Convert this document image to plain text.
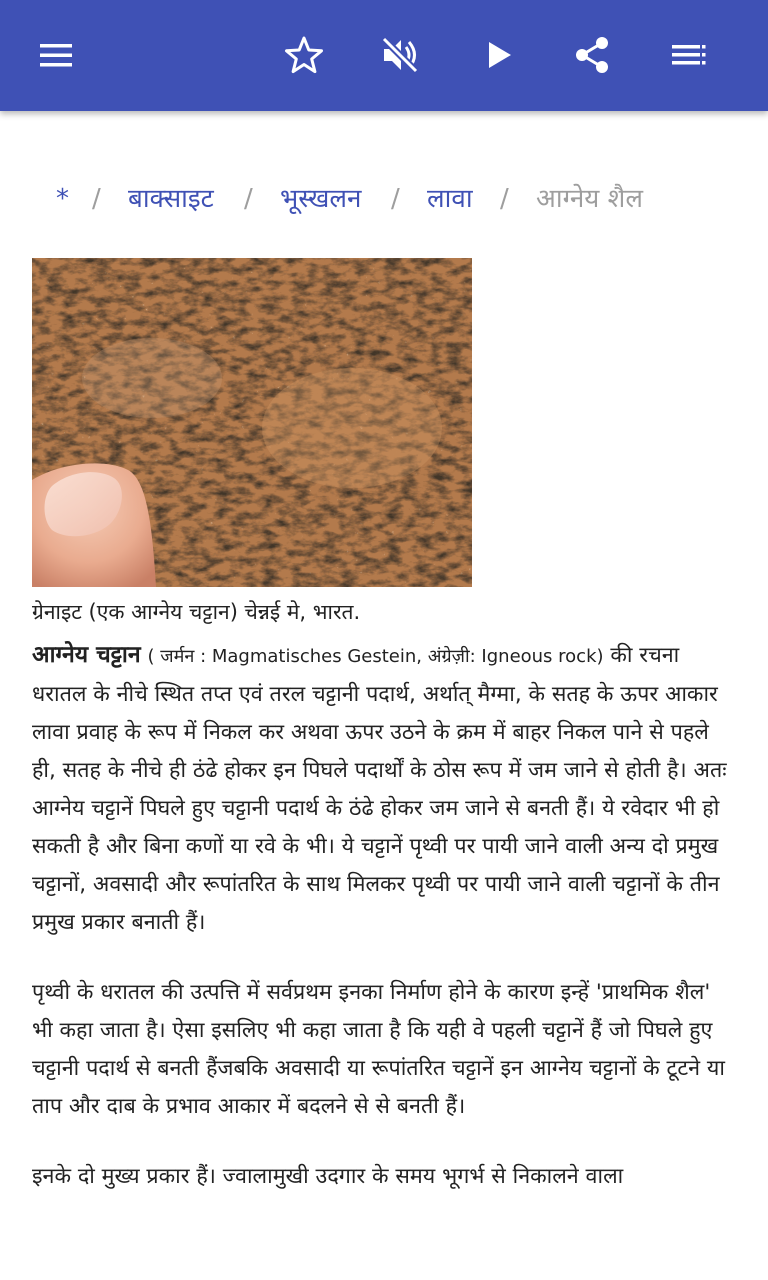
* / बाक्साइट / भूस्खलन / लावा / आग्नेय शैल
ग्रेनाइट (एक आग्नेय चट्टान) चेन्नई मे, भारत.

आग्नेय चट्टान ( जर्मन : Magmatisches Gestein, अंग्रेज़ी: Igneous rock) की रचना धरातल के नीचे स्थित तप्त एवं तरल चट्टानी पदार्थ, अर्थात् मैग्मा, के सतह के ऊपर आकार लावा प्रवाह के रूप में निकल कर अथवा ऊपर उठने के क्रम में बाहर निकल पाने से पहले ही, सतह के नीचे ही ठंढे होकर इन पिघले पदार्थों के ठोस रूप में जम जाने से होती है। अतः आग्नेय चट्टानें पिघले हुए चट्टानी पदार्थ के ठंढे होकर जम जाने से बनती हैं। ये रवेदार भी हो सकती है और बिना कणों या रवे के भी। ये चट्टानें पृथ्वी पर पायी जाने वाली अन्य दो प्रमुख चट्टानों, अवसादी और रूपांतरित के साथ मिलकर पृथ्वी पर पायी जाने वाली चट्टानों के तीन प्रमुख प्रकार बनाती हैं।

पृथ्वी के धरातल की उत्पत्ति में सर्वप्रथम इनका निर्माण होने के कारण इन्हें 'प्राथमिक शैल' भी कहा जाता है। ऐसा इसलिए भी कहा जाता है कि यही वे पहली चट्टानें हैं जो पिघले हुए चट्टानी पदार्थ से बनती हैंजबकि अवसादी या रूपांतरित चट्टानें इन आग्नेय चट्टानों के टूटने या ताप और दाब के प्रभाव आकार में बदलने से से बनती हैं।

इनके दो मुख्य प्रकार हैं। ज्वालामुखी उदगार के समय भूगर्भ से निकालने वाला
